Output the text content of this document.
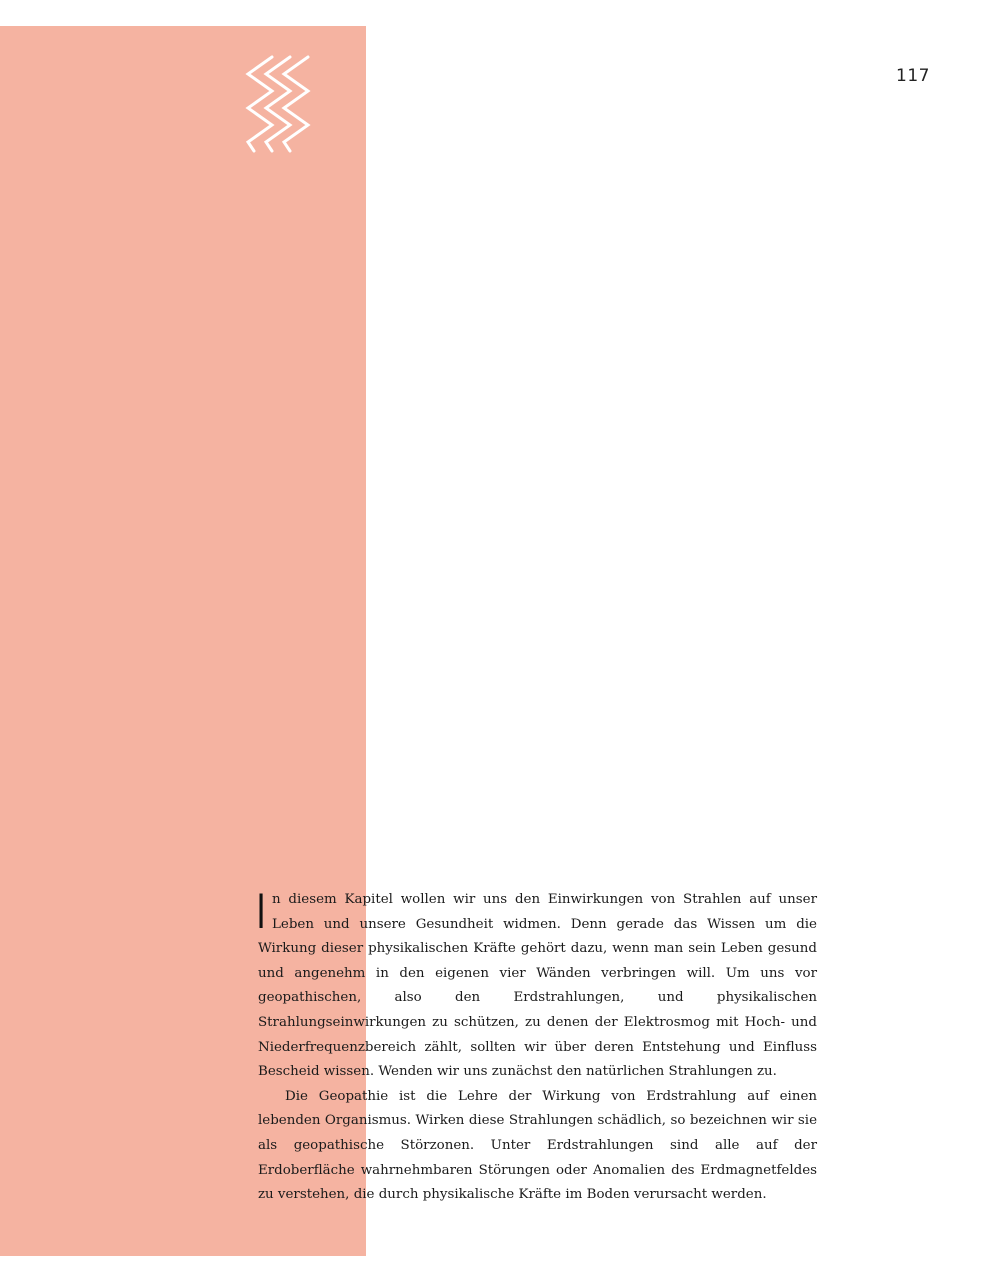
117

In diesem Kapitel wollen wir uns den Einwirkungen von Strahlen auf unser Leben und unsere Gesundheit widmen. Denn gerade das Wissen um die Wirkung dieser physikalischen Kräfte gehört dazu, wenn man sein Leben gesund und angenehm in den eigenen vier Wänden verbringen will. Um uns vor geopathischen, also den Erdstrahlungen, und physikalischen Strahlungseinwirkungen zu schützen, zu denen der Elektrosmog mit Hoch- und Niederfrequenzbereich zählt, sollten wir über deren Entstehung und Einfluss Bescheid wissen. Wenden wir uns zunächst den natürlichen Strahlungen zu.

Die Geopathie ist die Lehre der Wirkung von Erdstrahlung auf einen lebenden Organismus. Wirken diese Strahlungen schädlich, so bezeichnen wir sie als geopathische Störzonen. Unter Erdstrahlungen sind alle auf der Erdoberfläche wahrnehmbaren Störungen oder Anomalien des Erdmagnetfeldes zu verstehen, die durch physikalische Kräfte im Boden verursacht werden.
